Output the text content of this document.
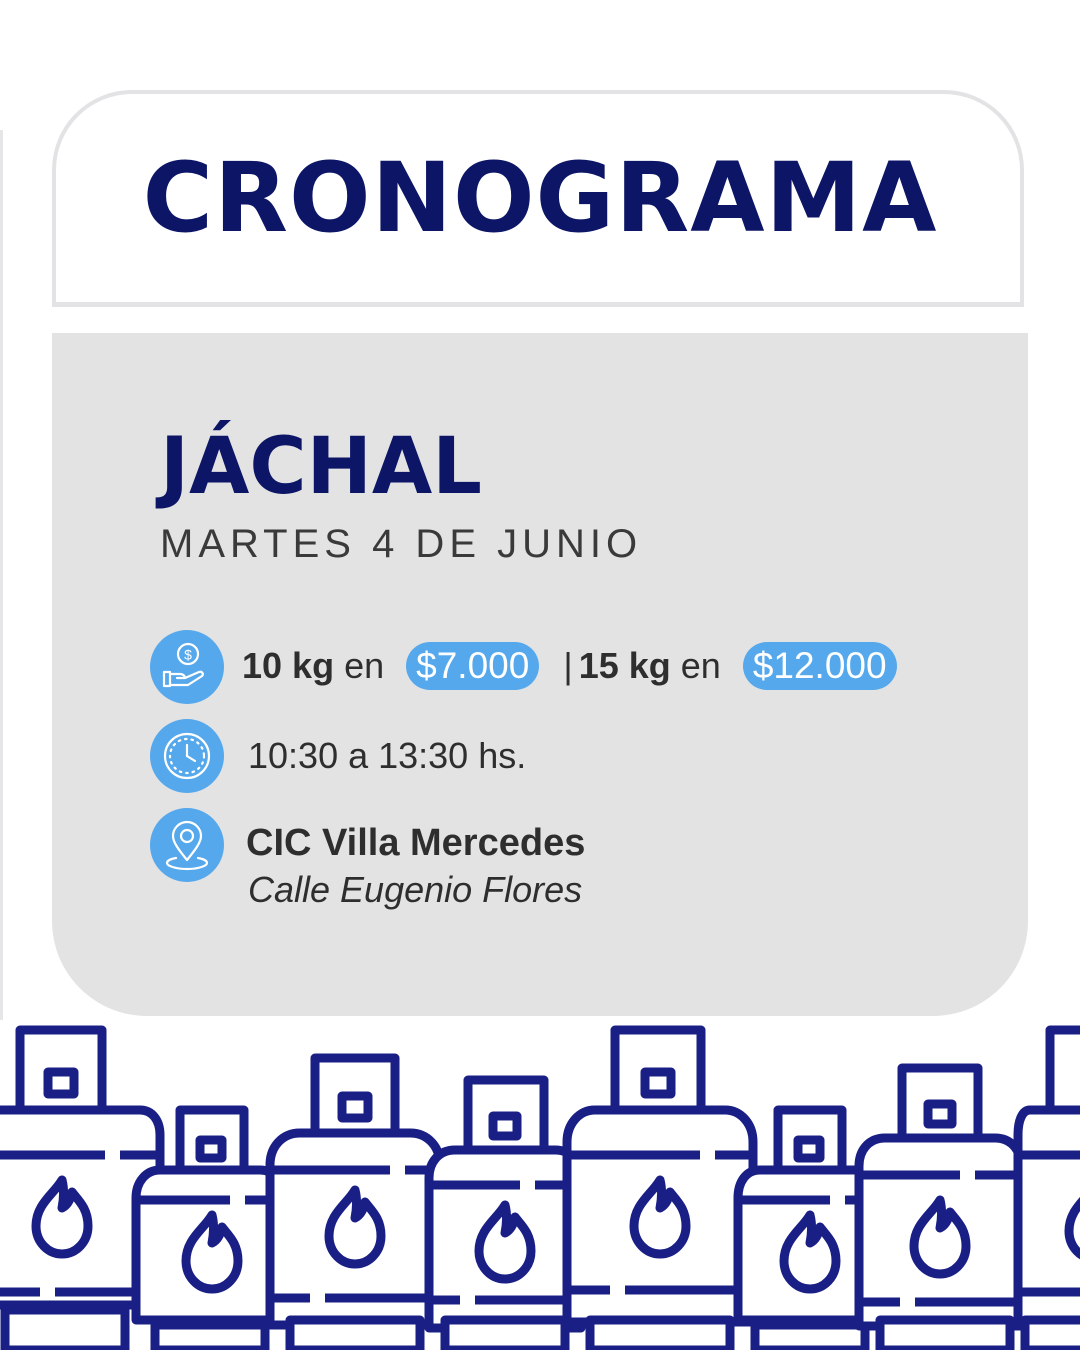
CRONOGRAMA
JÁCHAL
MARTES 4 DE JUNIO
$ 10 kg en $7.000 | 15 kg en $12.000
10:30 a 13:30 hs.
CIC Villa Mercedes
Calle Eugenio Flores
